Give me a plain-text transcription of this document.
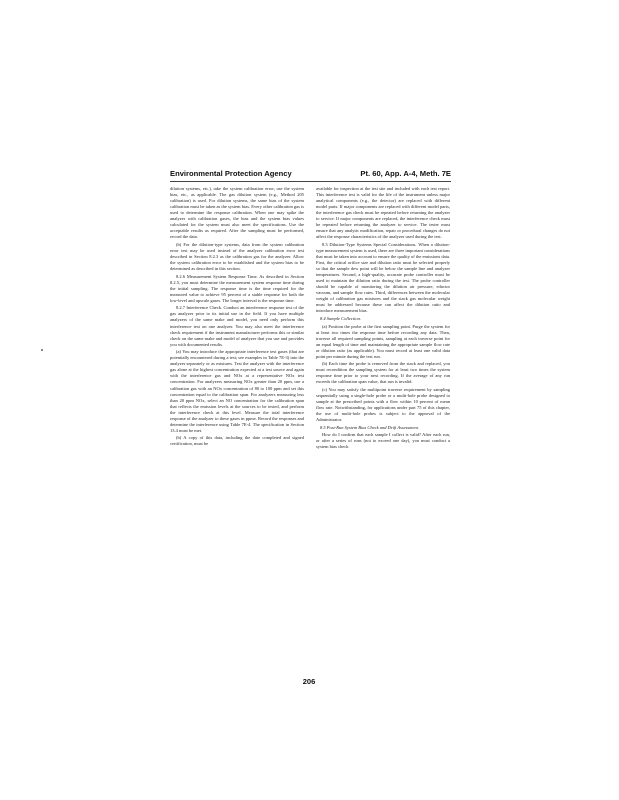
Environmental Protection Agency	Pt. 60, App. A-4, Meth. 7E

dilution systems, etc.), take the system calibration error, use the system bias, etc., as applicable. The gas dilution system (e.g., Method 205 calibration) is used. For dilution systems, the same bias of the system calibration must be taken as the system bias. Every other calibration gas is used to determine the response calibration. When one may spike the analyzer with calibration gases, the bias and the system bias values calculated for the system must also meet the specifications. Use the acceptable results as required. After the sampling must be performed, record the data.

(b) For the dilution-type systems, data from the system calibration error test may be used instead of the analyzer calibration error test described in Section 8.2.3 as the calibration gas for the analyzer. Allow the system calibration error to be established and the system bias to be determined as described in this section.

8.2.6 Measurement System Response Time. As described in Section 8.2.5, you must determine the measurement system response time during the initial sampling. The response time is the time required for the measured value to achieve 95 percent of a stable response for both the low-level and upscale gases. The longer interval is the response time.

8.2.7 Interference Check. Conduct an interference response test of the gas analyzer prior to its initial use in the field. If you have multiple analyzers of the same make and model, you need only perform this interference test on one analyzer. You may also meet the interference check requirement if the instrument manufacturer performs this or similar check on the same make and model of analyzer that you use and provides you with documented results.

(a) You may introduce the appropriate interference test gases (that are potentially encountered during a test; see examples in Table 7E-3) into the analyzer separately or as mixtures. Test the analyzer with the interference gas alone at the highest concentration expected at a test source and again with the interference gas and NOx at a representative NOx test concentration. For analyzers measuring NOx greater than 20 ppm, use a calibration gas with an NOx concentration of 80 to 100 ppm and set this concentration equal to the calibration span. For analyzers measuring less than 20 ppm NOx, select an NO concentration for the calibration span that reflects the emission levels at the sources to be tested, and perform the interference check at this level. Measure the total interference response of the analyzer to these gases in ppmv. Record the responses and determine the interference using Table 7E-4. The specification in Section 13.4 must be met.

(b) A copy of this data, including the date completed and signed certification, must be

available for inspection at the test site and included with each test report. This interference test is valid for the life of the instrument unless major analytical components (e.g., the detector) are replaced with different model parts. If major components are replaced with different model parts, the interference gas check must be repeated before returning the analyzer to service. If major components are replaced, the interference check must be repeated before returning the analyzer to service. The tester must ensure that any analytic modification, repair or procedural changes do not affect the response characteristics of the analyzer used during the test.

8.3 Dilution-Type Systems Special Considerations. When a dilution-type measurement system is used, there are three important considerations that must be taken into account to ensure the quality of the emissions data. First, the critical orifice size and dilution ratio must be selected properly so that the sample dew point will be below the sample line and analyzer temperatures. Second, a high-quality, accurate probe controller must be used to maintain the dilution ratio during the test. The probe controller should be capable of monitoring the dilution air pressure, eductor vacuum, and sample flow rates. Third, differences between the molecular weight of calibration gas mixtures and the stack gas molecular weight must be addressed because these can affect the dilution ratio and introduce measurement bias.

8.4 Sample Collection.

(a) Position the probe at the first sampling point. Purge the system for at least two times the response time before recording any data. Then, traverse all required sampling points, sampling at each traverse point for an equal length of time and maintaining the appropriate sample flow rate or dilution ratio (as applicable). You must record at least one valid data point per minute during the test run.

(b) Each time the probe is removed from the stack and replaced, you must recondition the sampling system for at least two times the system response time prior to your next recording. If the average of any run exceeds the calibration span value, that run is invalid.

(c) You may satisfy the multipoint traverse requirement by sampling sequentially using a single-hole probe or a multi-hole probe designed to sample at the prescribed points with a flow within 10 percent of mean flow rate. Notwithstanding, for applications under part 75 of this chapter, the use of multi-hole probes is subject to the approval of the Administrator.

8.5 Post-Run System Bias Check and Drift Assessment.

How do I confirm that each sample I collect is valid? After each run, or after a series of runs (not to exceed one day), you must conduct a system bias check

206
